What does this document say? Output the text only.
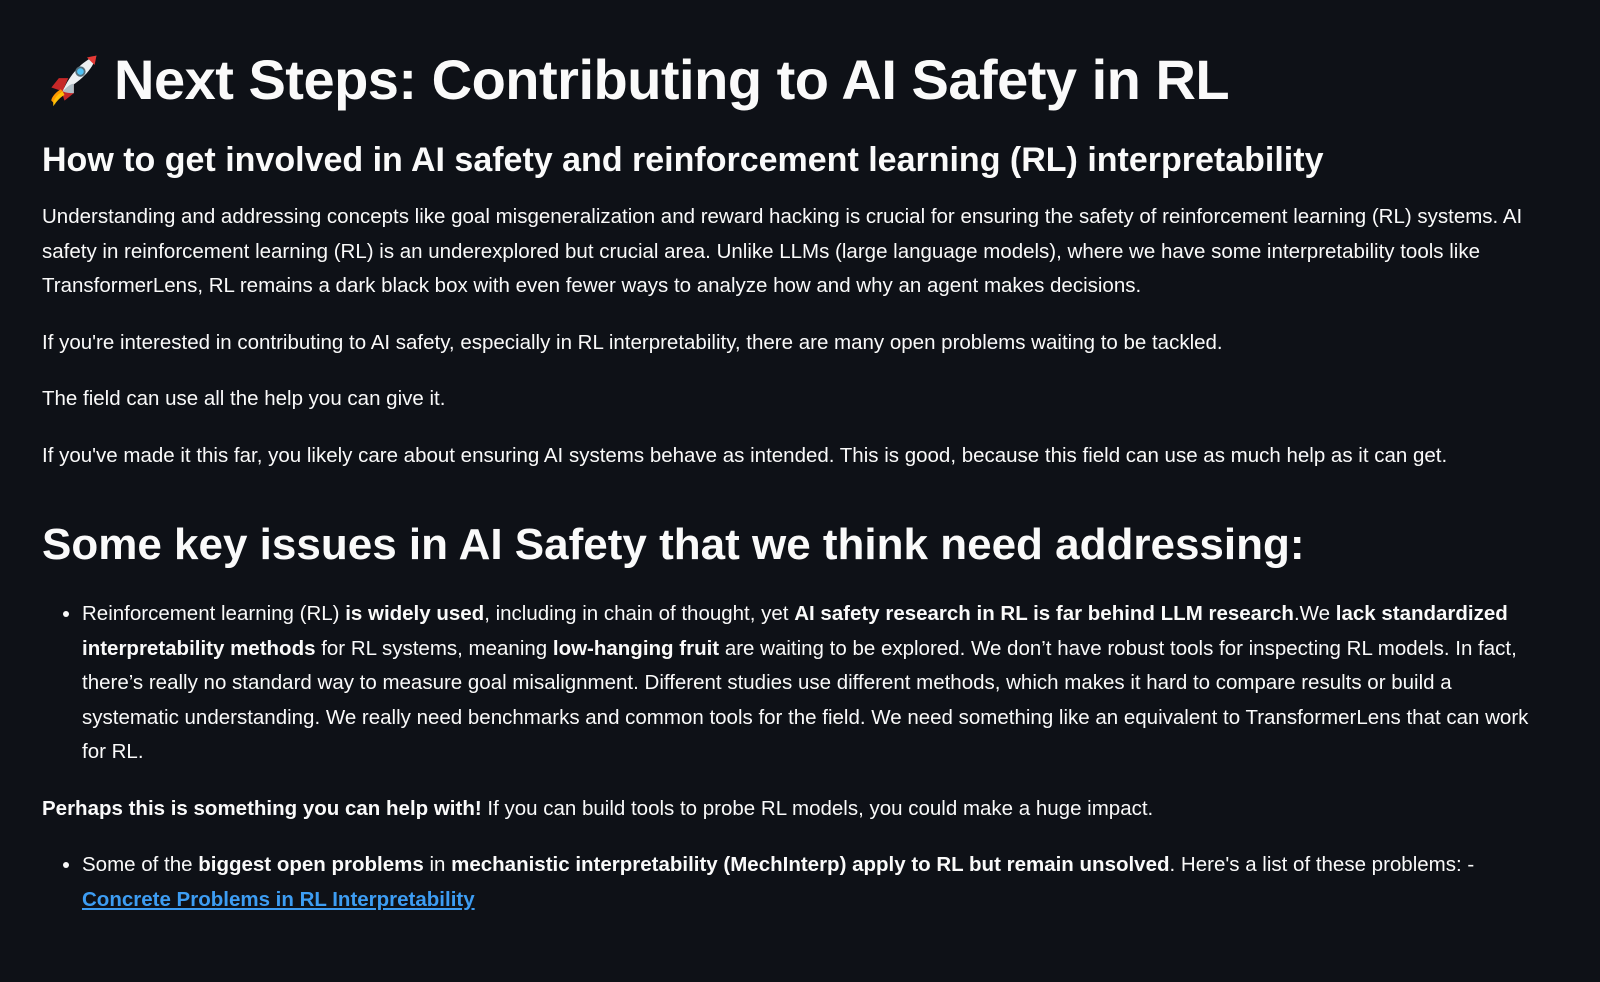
Next Steps: Contributing to AI Safety in RL
How to get involved in AI safety and reinforcement learning (RL) interpretability

Understanding and addressing concepts like goal misgeneralization and reward hacking is crucial for ensuring the safety of reinforcement learning (RL) systems. AI safety in reinforcement learning (RL) is an underexplored but crucial area. Unlike LLMs (large language models), where we have some interpretability tools like TransformerLens, RL remains a dark black box with even fewer ways to analyze how and why an agent makes decisions.

If you're interested in contributing to AI safety, especially in RL interpretability, there are many open problems waiting to be tackled.

The field can use all the help you can give it.

If you've made it this far, you likely care about ensuring AI systems behave as intended. This is good, because this field can use as much help as it can get.

Some key issues in AI Safety that we think need addressing:
• Reinforcement learning (RL) is widely used, including in chain of thought, yet AI safety research in RL is far behind LLM research.We lack standardized interpretability methods for RL systems, meaning low-hanging fruit are waiting to be explored. We don’t have robust tools for inspecting RL models. In fact, there’s really no standard way to measure goal misalignment. Different studies use different methods, which makes it hard to compare results or build a systematic understanding. We really need benchmarks and common tools for the field. We need something like an equivalent to TransformerLens that can work for RL.

Perhaps this is something you can help with! If you can build tools to probe RL models, you could make a huge impact.

• Some of the biggest open problems in mechanistic interpretability (MechInterp) apply to RL but remain unsolved. Here's a list of these problems: - Concrete Problems in RL Interpretability
